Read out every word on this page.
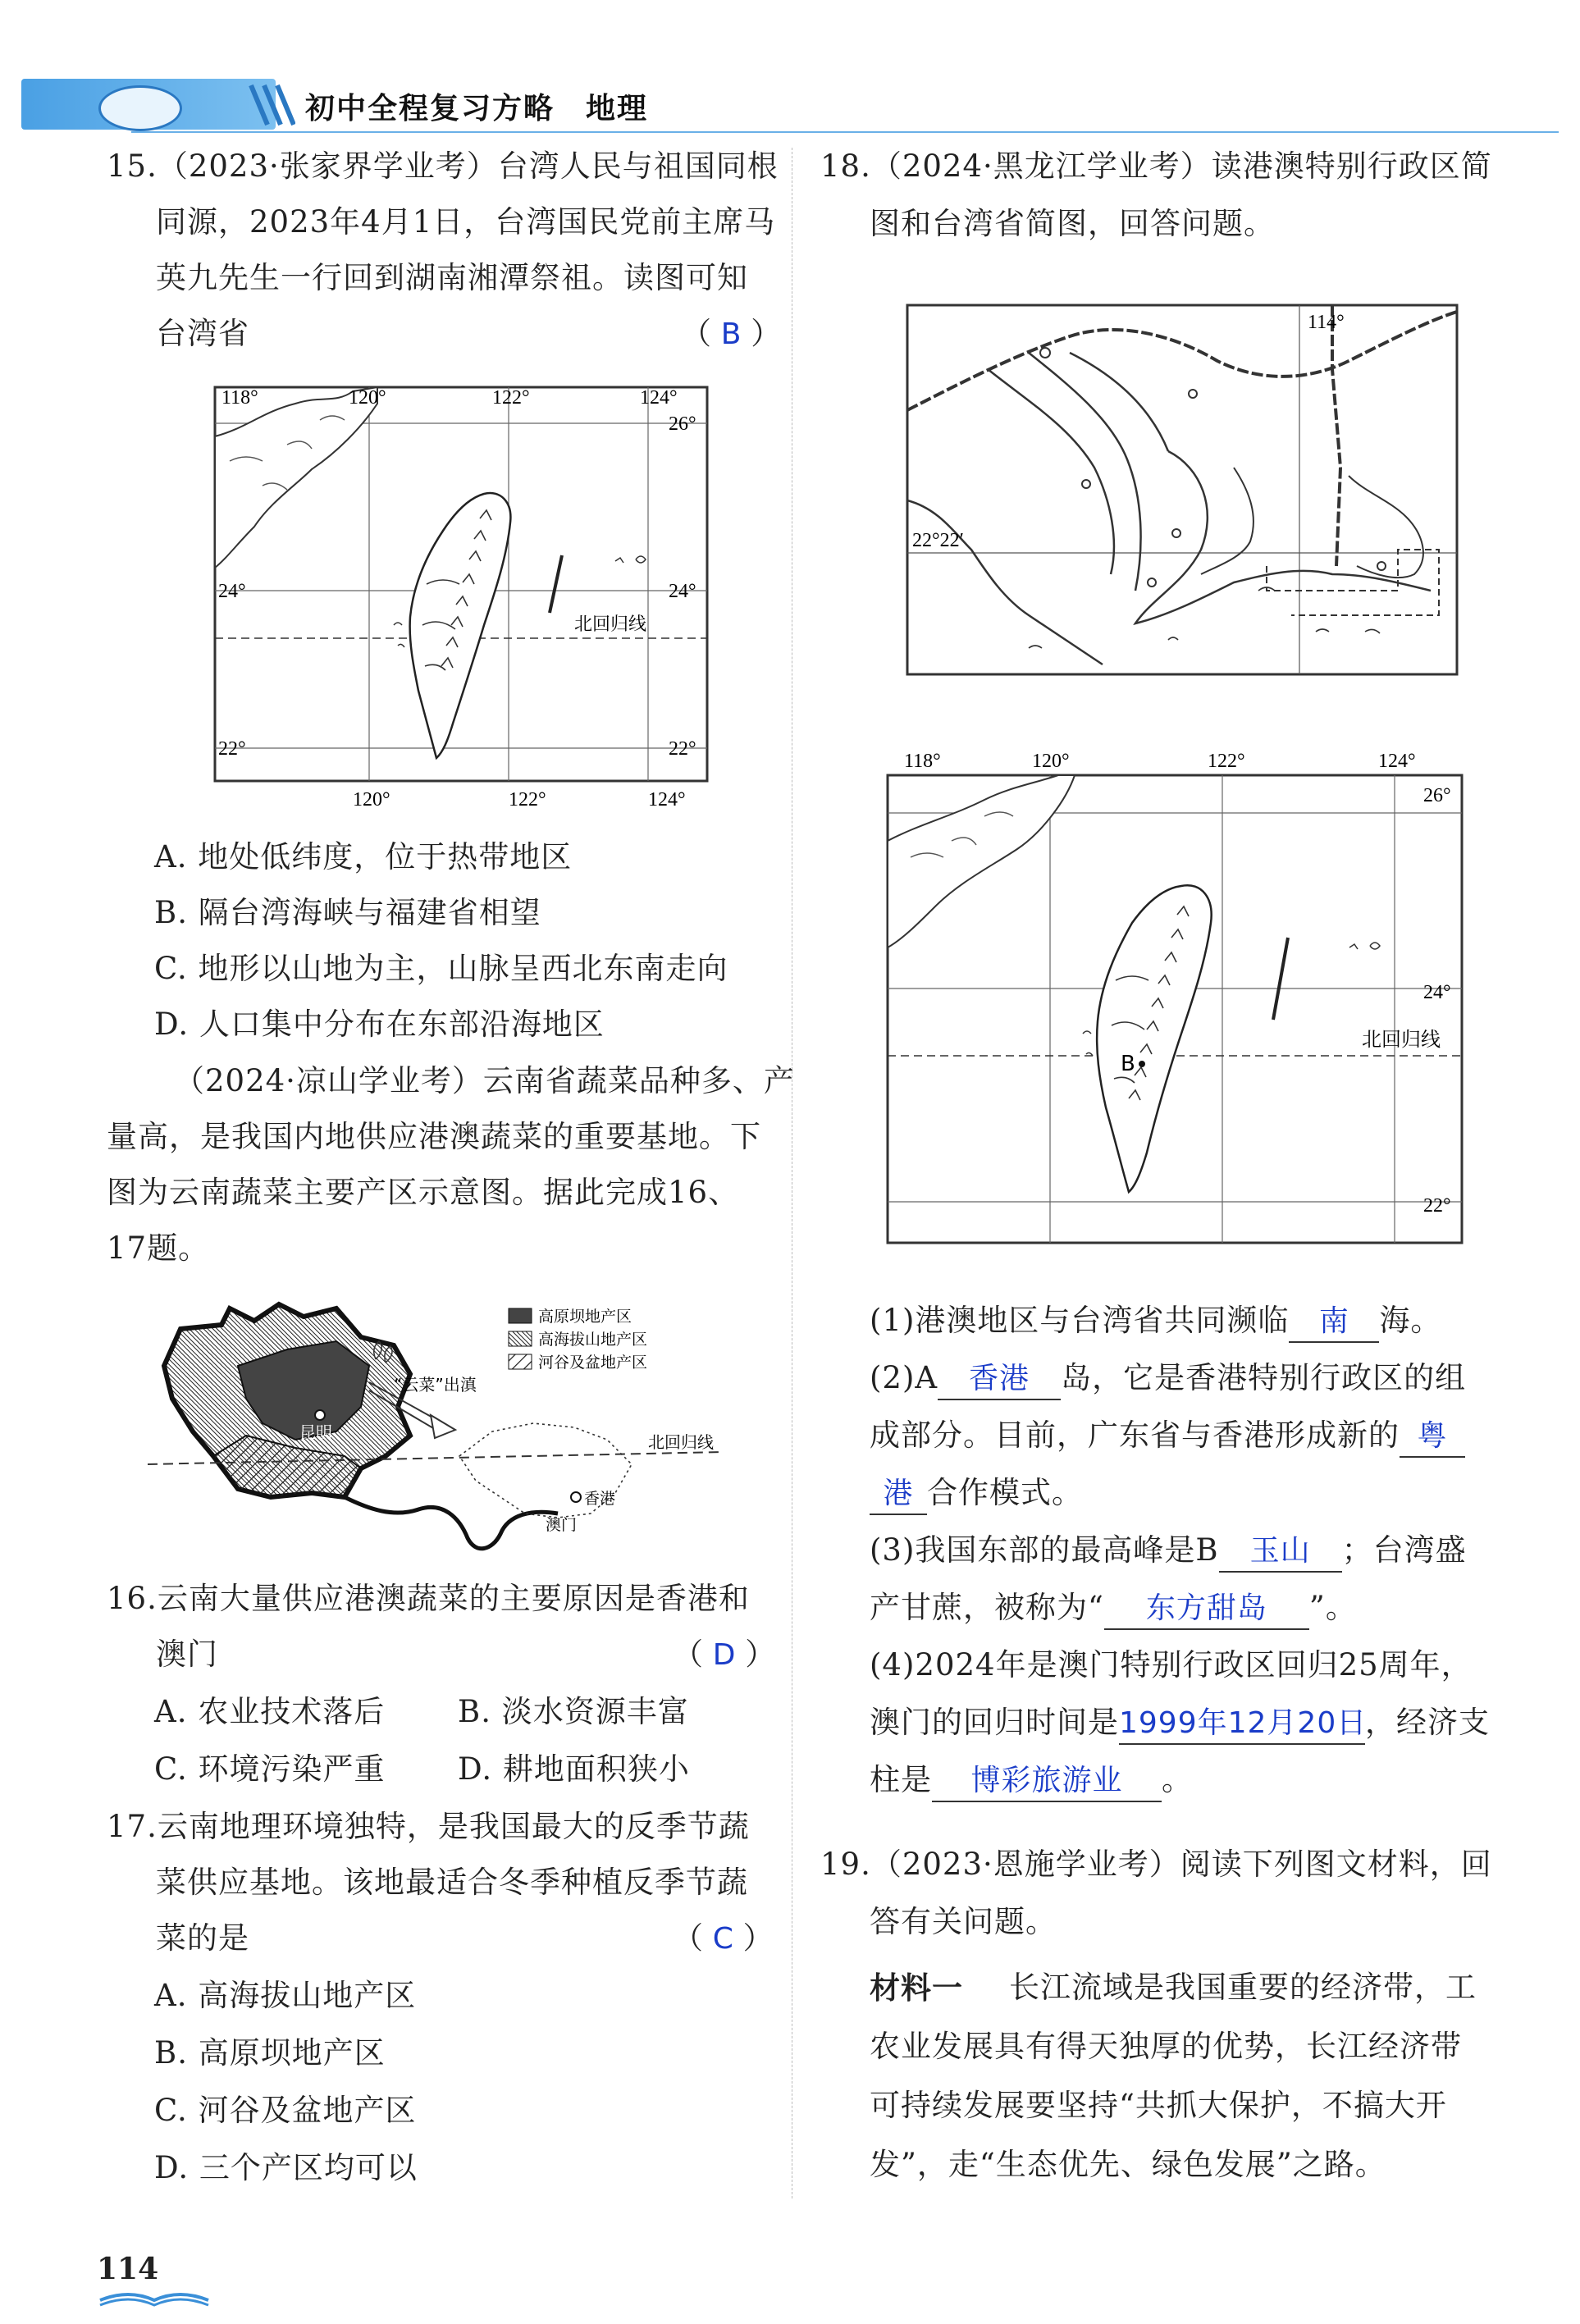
初中全程复习方略　地理
15.（2023·张家界学业考）台湾人民与祖国同根
同源，2023年4月1日，台湾国民党前主席马
英九先生一行回到湖南湘潭祭祖。读图可知
台湾省	（ B ）
118°	120°	122°	124°
26°
24°
22°
24°
22°
120°	122°	124°
北回归线
A. 地处低纬度，位于热带地区
B. 隔台湾海峡与福建省相望
C. 地形以山地为主，山脉呈西北东南走向
D. 人口集中分布在东部沿海地区
（2024·凉山学业考）云南省蔬菜品种多、产
量高，是我国内地供应港澳蔬菜的重要基地。下
图为云南蔬菜主要产区示意图。据此完成16、
17题。
昆明
“云菜”出滇
北回归线
香港
澳门
高原坝地产区
高海拔山地产区
河谷及盆地产区
16.云南大量供应港澳蔬菜的主要原因是香港和
澳门	（ D ）
A. 农业技术落后 B. 淡水资源丰富
C. 环境污染严重 D. 耕地面积狭小
17.云南地理环境独特，是我国最大的反季节蔬
菜供应基地。该地最适合冬季种植反季节蔬
菜的是	（ C ）
A. 高海拔山地产区
B. 高原坝地产区
C. 河谷及盆地产区
D. 三个产区均可以
114
18.（2024·黑龙江学业考）读港澳特别行政区简
图和台湾省简图，回答问题。
114°
22°22′
B
118°	120°	122°	124°
26°
24°
22°
北回归线
(1)港澳地区与台湾省共同濒临 南 海。
(2)A 香港 岛，它是香港特别行政区的组
成部分。目前，广东省与香港形成新的 粤
港 合作模式。
(3)我国东部的最高峰是B 玉山 ；台湾盛
产甘蔗，被称为“ 东方甜岛 ”。
(4)2024年是澳门特别行政区回归25周年，
澳门的回归时间是1999年12月20日，经济支
柱是 博彩旅游业 。
19.（2023·恩施学业考）阅读下列图文材料，回
答有关问题。
材料一 长江流域是我国重要的经济带，工
农业发展具有得天独厚的优势，长江经济带
可持续发展要坚持“共抓大保护，不搞大开
发”，走“生态优先、绿色发展”之路。
